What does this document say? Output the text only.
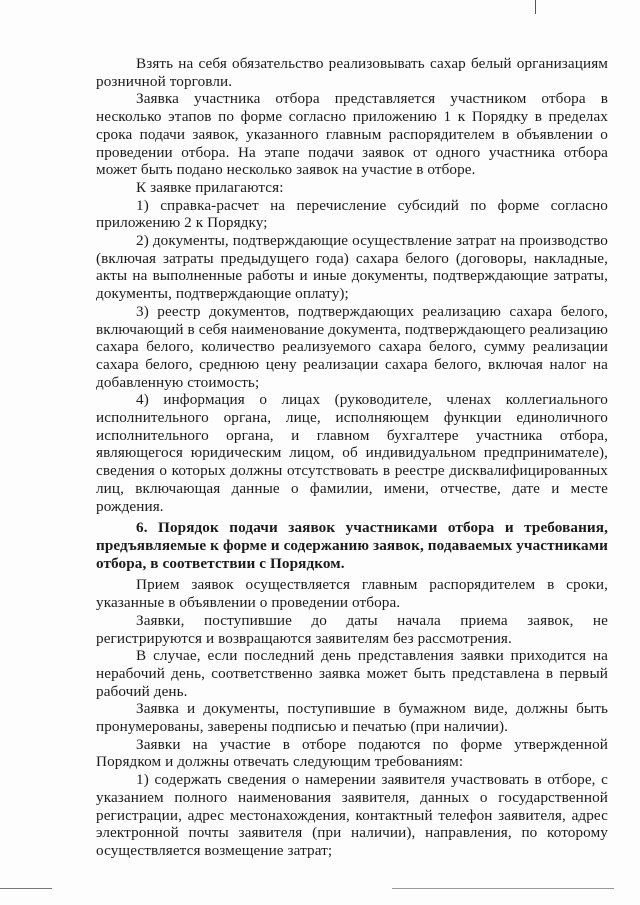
Взять на себя обязательство реализовывать сахар белый организациям розничной торговли.

Заявка участника отбора представляется участником отбора в несколько этапов по форме согласно приложению 1 к Порядку в пределах срока подачи заявок, указанного главным распорядителем в объявлении о проведении отбора. На этапе подачи заявок от одного участника отбора может быть подано несколько заявок на участие в отборе.

К заявке прилагаются:

1) справка-расчет на перечисление субсидий по форме согласно приложению 2 к Порядку;

2) документы, подтверждающие осуществление затрат на производство (включая затраты предыдущего года) сахара белого (договоры, накладные, акты на выполненные работы и иные документы, подтверждающие затраты, документы, подтверждающие оплату);

3) реестр документов, подтверждающих реализацию сахара белого, включающий в себя наименование документа, подтверждающего реализацию сахара белого, количество реализуемого сахара белого, сумму реализации сахара белого, среднюю цену реализации сахара белого, включая налог на добавленную стоимость;

4) информация о лицах (руководителе, членах коллегиального исполнительного органа, лице, исполняющем функции единоличного исполнительного органа, и главном бухгалтере участника отбора, являющегося юридическим лицом, об индивидуальном предпринимателе), сведения о которых должны отсутствовать в реестре дисквалифицированных лиц, включающая данные о фамилии, имени, отчестве, дате и месте рождения.

6. Порядок подачи заявок участниками отбора и требования, предъявляемые к форме и содержанию заявок, подаваемых участниками отбора, в соответствии с Порядком.

Прием заявок осуществляется главным распорядителем в сроки, указанные в объявлении о проведении отбора.

Заявки, поступившие до даты начала приема заявок, не регистрируются и возвращаются заявителям без рассмотрения.

В случае, если последний день представления заявки приходится на нерабочий день, соответственно заявка может быть представлена в первый рабочий день.

Заявка и документы, поступившие в бумажном виде, должны быть пронумерованы, заверены подписью и печатью (при наличии).

Заявки на участие в отборе подаются по форме утвержденной Порядком и должны отвечать следующим требованиям:

1) содержать сведения о намерении заявителя участвовать в отборе, с указанием полного наименования заявителя, данных о государственной регистрации, адрес местонахождения, контактный телефон заявителя, адрес электронной почты заявителя (при наличии), направления, по которому осуществляется возмещение затрат;
